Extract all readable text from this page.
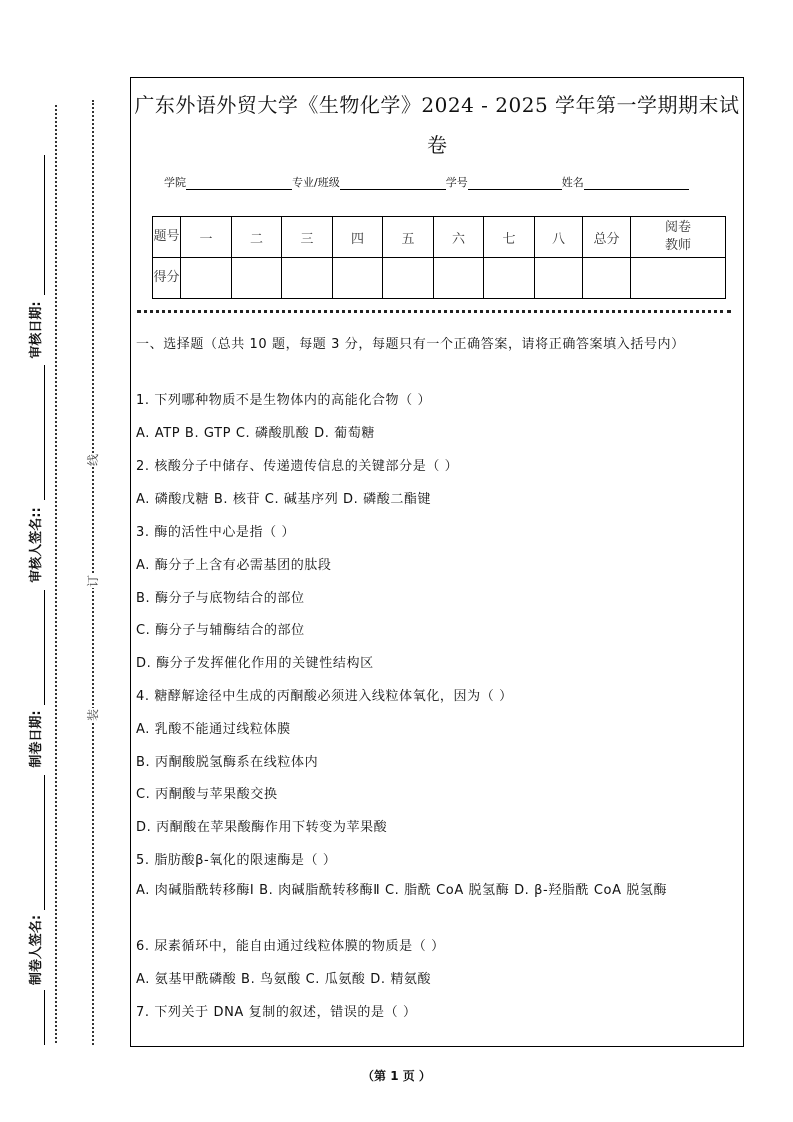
审核日期:
审核人签名::
制卷日期:
制卷人签名:
线
订
装
广东外语外贸大学《生物化学》2024 - 2025 学年第一学期期末试
卷
学院	专业/班级	学号	姓名
题号	一	二	三	四	五	六	七	八	总分	阅卷教师
得分										
一、选择题（总共 10 题，每题 3 分，每题只有一个正确答案，请将正确答案填入括号内）
1. 下列哪种物质不是生物体内的高能化合物（ ）
A. ATP B. GTP C. 磷酸肌酸 D. 葡萄糖
2. 核酸分子中储存、传递遗传信息的关键部分是（ ）
A. 磷酸戊糖 B. 核苷 C. 碱基序列 D. 磷酸二酯键
3. 酶的活性中心是指（ ）
A. 酶分子上含有必需基团的肽段
B. 酶分子与底物结合的部位
C. 酶分子与辅酶结合的部位
D. 酶分子发挥催化作用的关键性结构区
4. 糖酵解途径中生成的丙酮酸必须进入线粒体氧化，因为（ ）
A. 乳酸不能通过线粒体膜
B. 丙酮酸脱氢酶系在线粒体内
C. 丙酮酸与苹果酸交换
D. 丙酮酸在苹果酸酶作用下转变为苹果酸
5. 脂肪酸β-氧化的限速酶是（ ）
A. 肉碱脂酰转移酶Ⅰ B. 肉碱脂酰转移酶Ⅱ C. 脂酰 CoA 脱氢酶 D. β-羟脂酰 CoA 脱氢酶
6. 尿素循环中，能自由通过线粒体膜的物质是（ ）
A. 氨基甲酰磷酸 B. 鸟氨酸 C. 瓜氨酸 D. 精氨酸
7. 下列关于 DNA 复制的叙述，错误的是（ ）
（第 1 页 ）
